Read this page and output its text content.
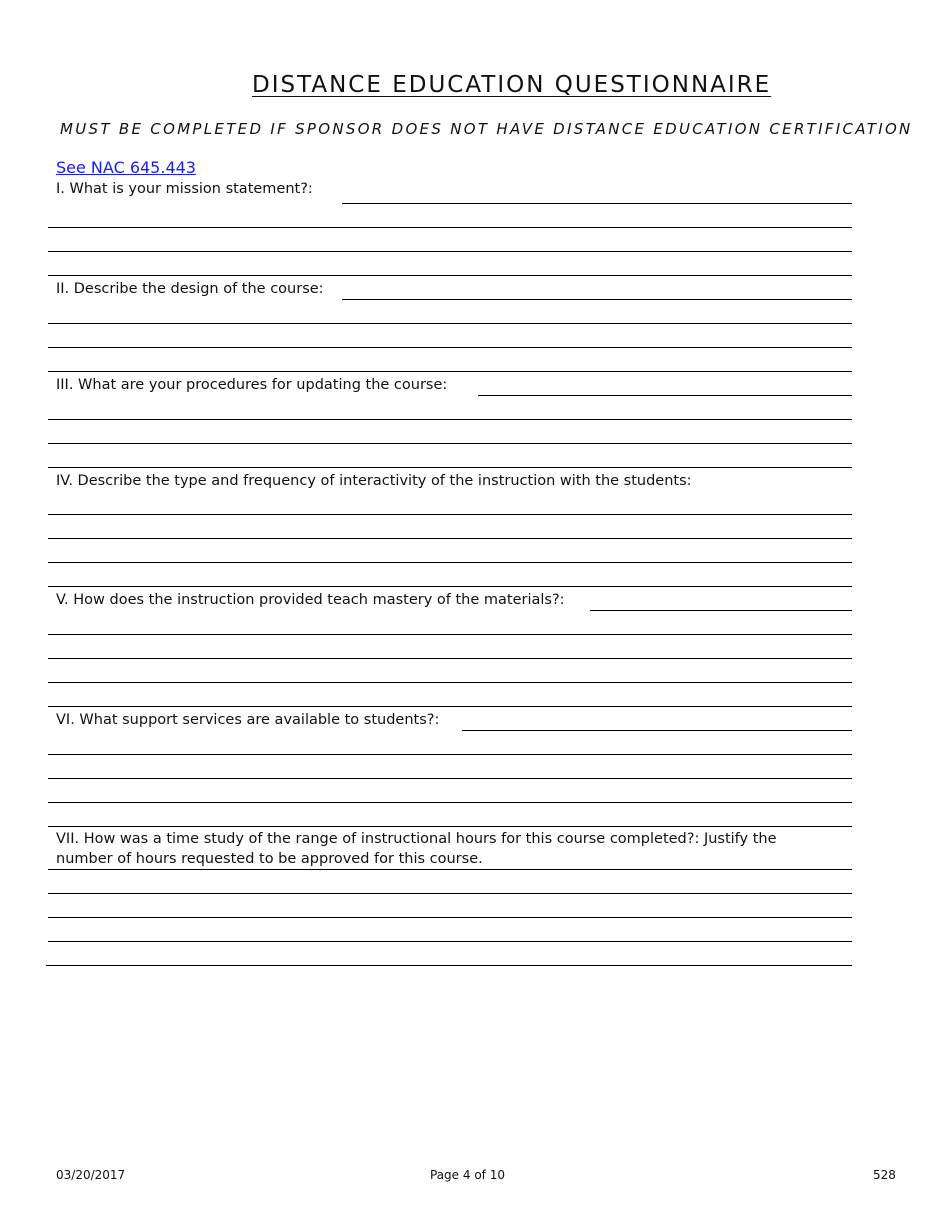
DISTANCE EDUCATION QUESTIONNAIRE
MUST BE COMPLETED IF SPONSOR DOES NOT HAVE DISTANCE EDUCATION CERTIFICATION
See NAC 645.443
I. What is your mission statement?:
II. Describe the design of the course:
III. What are your procedures for updating the course:
IV. Describe the type and frequency of interactivity of the instruction with the students:
V. How does the instruction provided teach mastery of the materials?:
VI. What support services are available to students?:
VII. How was a time study of the range of instructional hours for this course completed?: Justify the number of hours requested to be approved for this course.
03/20/2017	Page 4 of 10	528
